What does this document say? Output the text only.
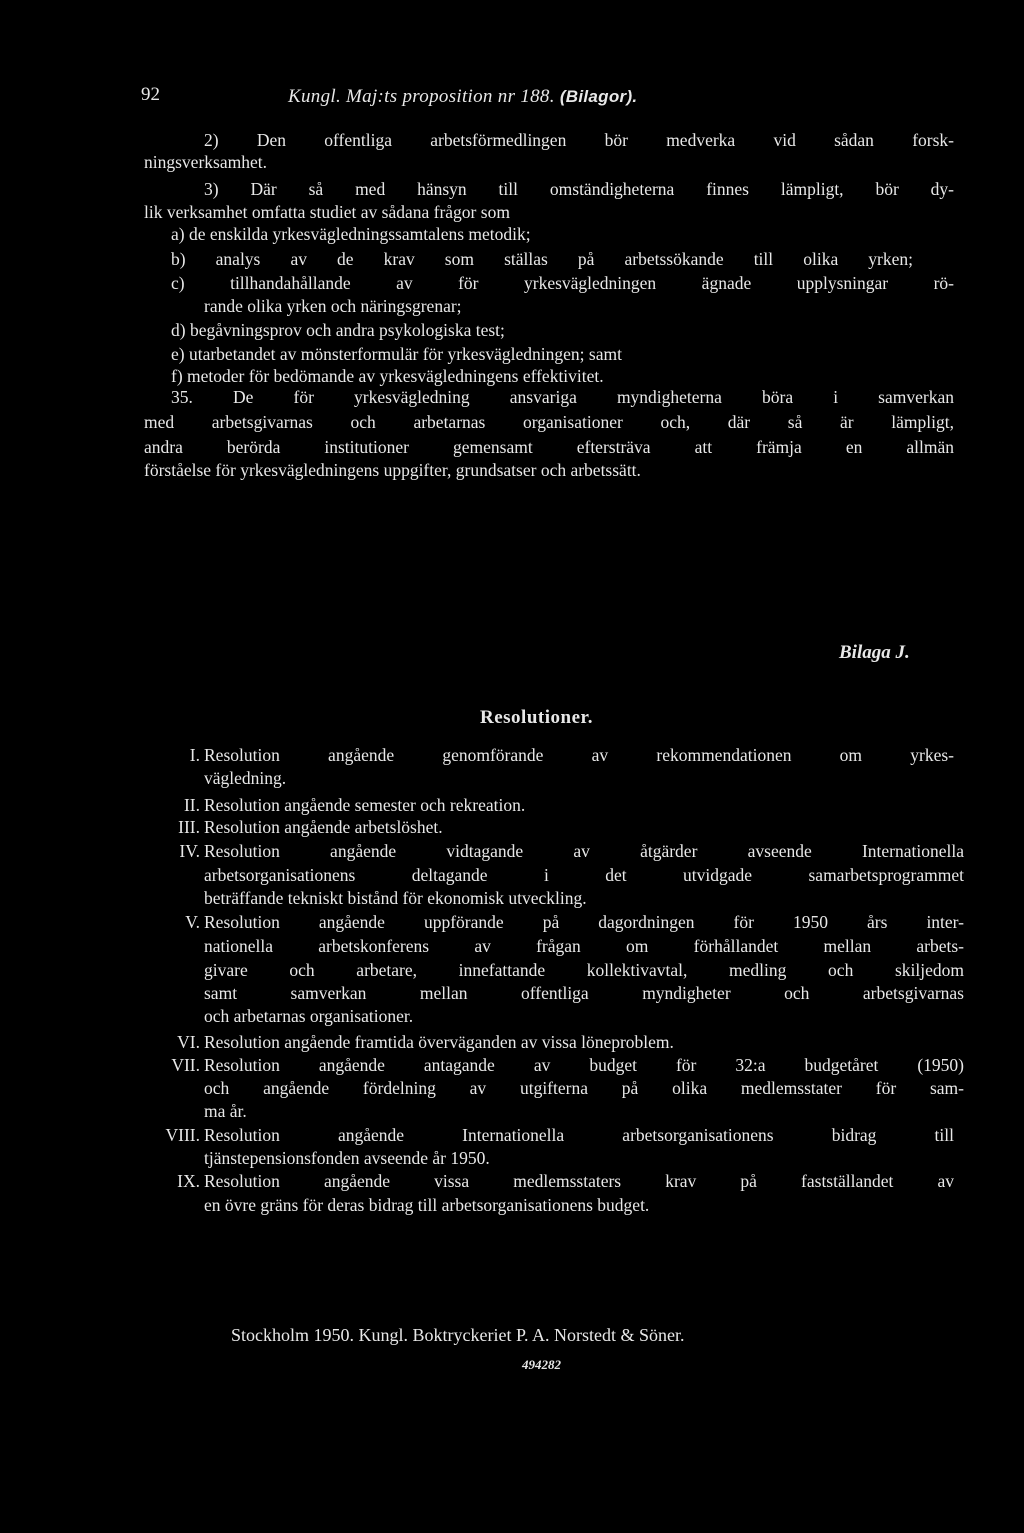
92	Kungl. Maj:ts proposition nr 188. (Bilagor).
2) Den offentliga arbetsförmedlingen bör medverka vid sådan forsk-
ningsverksamhet.
3) Där så med hänsyn till omständigheterna finnes lämpligt, bör dy-
lik verksamhet omfatta studiet av sådana frågor som
a) de enskilda yrkesvägledningssamtalens metodik;
b) analys av de krav som ställas på arbetssökande till olika yrken;
c) tillhandahållande av för yrkesvägledningen ägnade upplysningar rö-
rande olika yrken och näringsgrenar;
d) begåvningsprov och andra psykologiska test;
e) utarbetandet av mönsterformulär för yrkesvägledningen; samt
f) metoder för bedömande av yrkesvägledningens effektivitet.
35. De för yrkesvägledning ansvariga myndigheterna böra i samverkan
med arbetsgivarnas och arbetarnas organisationer och, där så är lämpligt,
andra berörda institutioner gemensamt eftersträva att främja en allmän
förståelse för yrkesvägledningens uppgifter, grundsatser och arbetssätt.
Bilaga J.
Resolutioner.
I. Resolution angående genomförande av rekommendationen om yrkes-
vägledning.
II. Resolution angående semester och rekreation.
III. Resolution angående arbetslöshet.
IV. Resolution angående vidtagande av åtgärder avseende Internationella
arbetsorganisationens deltagande i det utvidgade samarbetsprogrammet
beträffande tekniskt bistånd för ekonomisk utveckling.
V. Resolution angående uppförande på dagordningen för 1950 års inter-
nationella arbetskonferens av frågan om förhållandet mellan arbets-
givare och arbetare, innefattande kollektivavtal, medling och skiljedom
samt samverkan mellan offentliga myndigheter och arbetsgivarnas
och arbetarnas organisationer.
VI. Resolution angående framtida överväganden av vissa löneproblem.
VII. Resolution angående antagande av budget för 32:a budgetåret (1950)
och angående fördelning av utgifterna på olika medlemsstater för sam-
ma år.
VIII. Resolution angående Internationella arbetsorganisationens bidrag till
tjänstepensionsfonden avseende år 1950.
IX. Resolution angående vissa medlemsstaters krav på fastställandet av
en övre gräns för deras bidrag till arbetsorganisationens budget.
Stockholm 1950. Kungl. Boktryckeriet P. A. Norstedt & Söner.
494282
